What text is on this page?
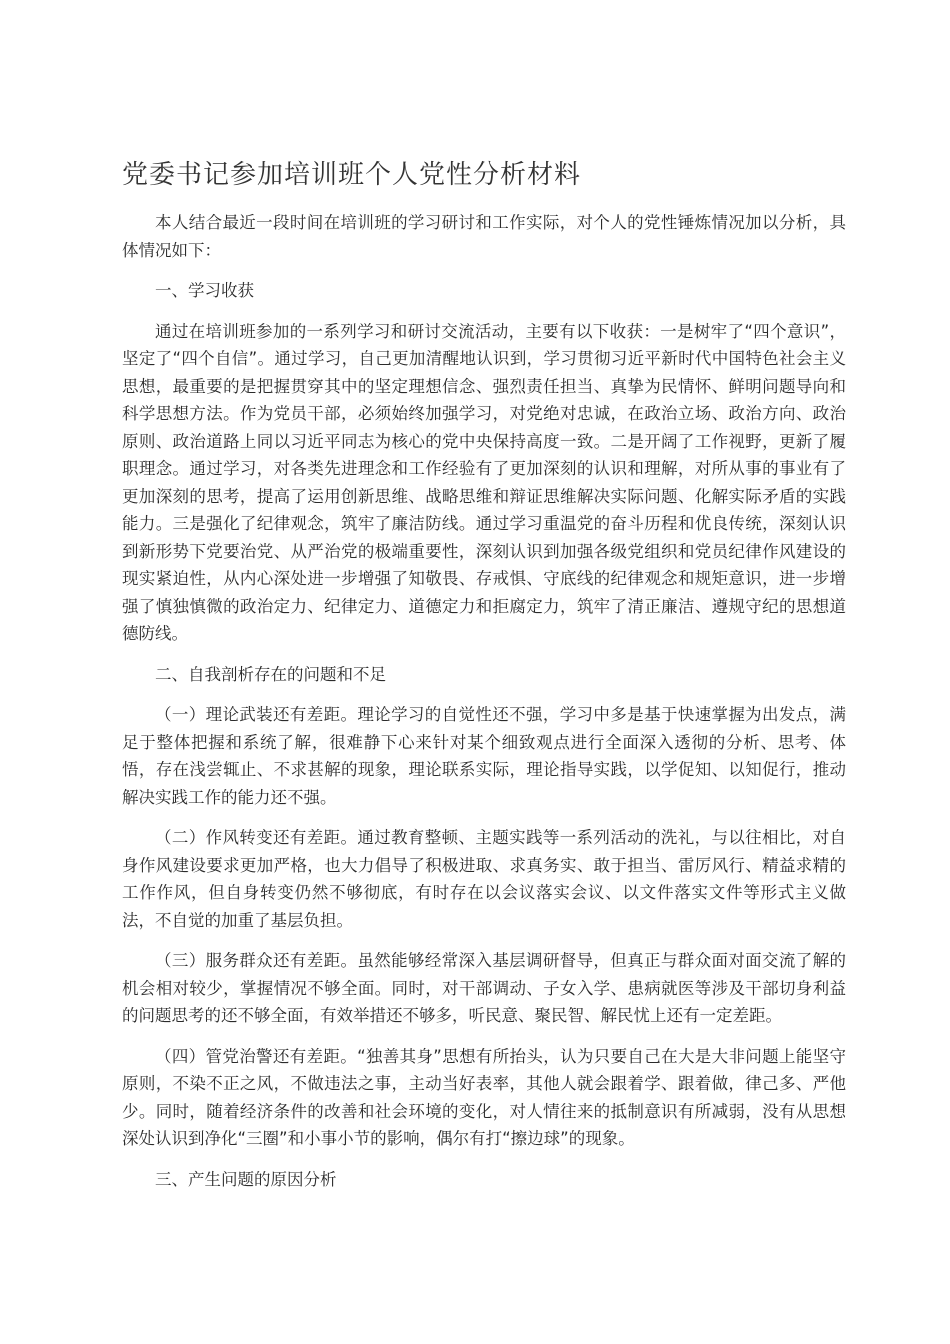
党委书记参加培训班个人党性分析材料

本人结合最近一段时间在培训班的学习研讨和工作实际，对个人的党性锤炼情况加以分析，具体情况如下：

一、学习收获

通过在培训班参加的一系列学习和研讨交流活动，主要有以下收获：一是树牢了“四个意识”，坚定了“四个自信”。通过学习，自己更加清醒地认识到，学习贯彻习近平新时代中国特色社会主义思想，最重要的是把握贯穿其中的坚定理想信念、强烈责任担当、真挚为民情怀、鲜明问题导向和科学思想方法。作为党员干部，必须始终加强学习，对党绝对忠诚，在政治立场、政治方向、政治原则、政治道路上同以习近平同志为核心的党中央保持高度一致。二是开阔了工作视野，更新了履职理念。通过学习，对各类先进理念和工作经验有了更加深刻的认识和理解，对所从事的事业有了更加深刻的思考，提高了运用创新思维、战略思维和辩证思维解决实际问题、化解实际矛盾的实践能力。三是强化了纪律观念，筑牢了廉洁防线。通过学习重温党的奋斗历程和优良传统，深刻认识到新形势下党要治党、从严治党的极端重要性，深刻认识到加强各级党组织和党员纪律作风建设的现实紧迫性，从内心深处进一步增强了知敬畏、存戒惧、守底线的纪律观念和规矩意识，进一步增强了慎独慎微的政治定力、纪律定力、道德定力和拒腐定力，筑牢了清正廉洁、遵规守纪的思想道德防线。

二、自我剖析存在的问题和不足

（一）理论武装还有差距。理论学习的自觉性还不强，学习中多是基于快速掌握为出发点，满足于整体把握和系统了解，很难静下心来针对某个细致观点进行全面深入透彻的分析、思考、体悟，存在浅尝辄止、不求甚解的现象，理论联系实际，理论指导实践，以学促知、以知促行，推动解决实践工作的能力还不强。

（二）作风转变还有差距。通过教育整顿、主题实践等一系列活动的洗礼，与以往相比，对自身作风建设要求更加严格，也大力倡导了积极进取、求真务实、敢于担当、雷厉风行、精益求精的工作作风，但自身转变仍然不够彻底，有时存在以会议落实会议、以文件落实文件等形式主义做法，不自觉的加重了基层负担。

（三）服务群众还有差距。虽然能够经常深入基层调研督导，但真正与群众面对面交流了解的机会相对较少，掌握情况不够全面。同时，对干部调动、子女入学、患病就医等涉及干部切身利益的问题思考的还不够全面，有效举措还不够多，听民意、聚民智、解民忧上还有一定差距。

（四）管党治警还有差距。“独善其身”思想有所抬头，认为只要自己在大是大非问题上能坚守原则，不染不正之风，不做违法之事，主动当好表率，其他人就会跟着学、跟着做，律己多、严他少。同时，随着经济条件的改善和社会环境的变化，对人情往来的抵制意识有所减弱，没有从思想深处认识到净化“三圈”和小事小节的影响，偶尔有打“擦边球”的现象。

三、产生问题的原因分析
